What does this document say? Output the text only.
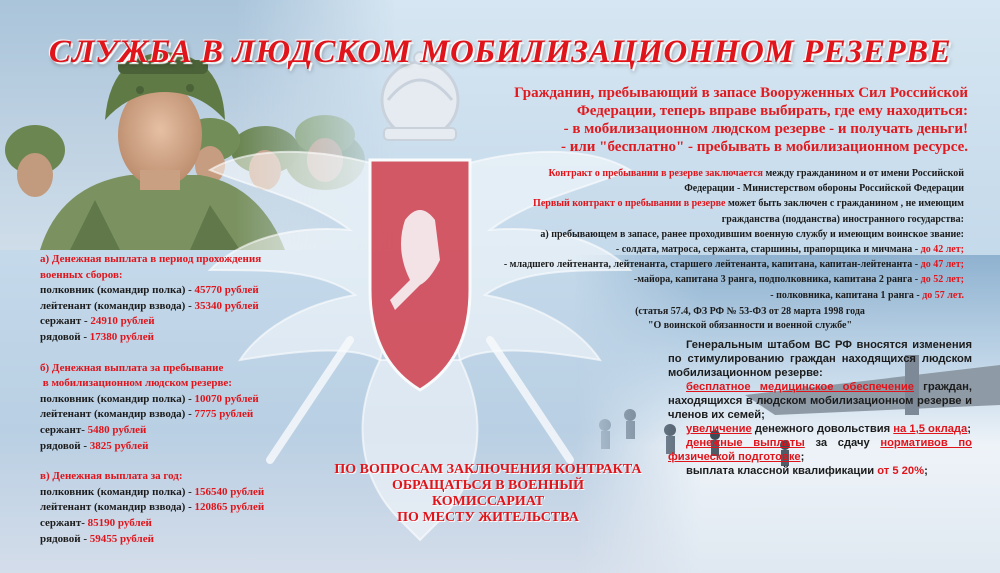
СЛУЖБА В ЛЮДСКОМ МОБИЛИЗАЦИОННОМ РЕЗЕРВЕ
Гражданин, пребывающий в запасе Вооруженных Сил Российской
Федерации, теперь вправе выбирать, где ему находиться:
- в мобилизационном людском резерве - и получать деньги!
- или "бесплатно" - пребывать в мобилизационном ресурсе.
Контракт о пребывании в резерве заключается между гражданином и от имени Российской
Федерации - Министерством обороны Российской Федерации
Первый контракт о пребывании в резерве может быть заключен с гражданином , не имеющим
гражданства (подданства) иностранного государства:
а) пребывающем в запасе, ранее проходившим военную службу и имеющим воинское звание:
- солдата, матроса, сержанта, старшины, прапорщика и мичмана - до 42 лет;
- младшего лейтенанта, лейтенанта, старшего лейтенанта, капитана, капитан-лейтенанта - до 47 лет;
-майора, капитана 3 ранга, подполковника, капитана 2 ранга - до 52 лет;
- полковника, капитана 1 ранга - до 57 лет.
(статья 57.4, ФЗ РФ № 53-ФЗ от 28 марта 1998 года
"О воинской обязанности и военной службе"
а) Денежная выплата в период прохождения
военных сборов:
полковник (командир полка) - 45770 рублей
лейтенант (командир взвода) - 35340 рублей
сержант - 24910 рублей
рядовой - 17380 рублей
б) Денежная выплата за пребывание
в мобилизационном людском резерве:
полковник (командир полка) - 10070 рублей
лейтенант (командир взвода) - 7775 рублей
сержант- 5480 рублей
рядовой - 3825 рублей
в) Денежная выплата за год:
полковник (командир полка) - 156540 рублей
лейтенант (командир взвода) - 120865 рублей
сержант- 85190 рублей
рядовой - 59455 рублей
ПО ВОПРОСАМ ЗАКЛЮЧЕНИЯ КОНТРАКТА
ОБРАЩАТЬСЯ В ВОЕННЫЙ
КОМИССАРИАТ
ПО МЕСТУ ЖИТЕЛЬСТВА
Генеральным штабом ВС РФ вносятся изменения по стимулированию граждан находящихся людском мобилизационном резерве:
бесплатное медицинское обеспечение граждан, находящихся в людском мобилизационном резерве и членов их семей;
увеличение денежного довольствия на 1,5 оклада;
денежные выплаты за сдачу нормативов по физической подготовке;
выплата классной квалификации от 5 20%;
